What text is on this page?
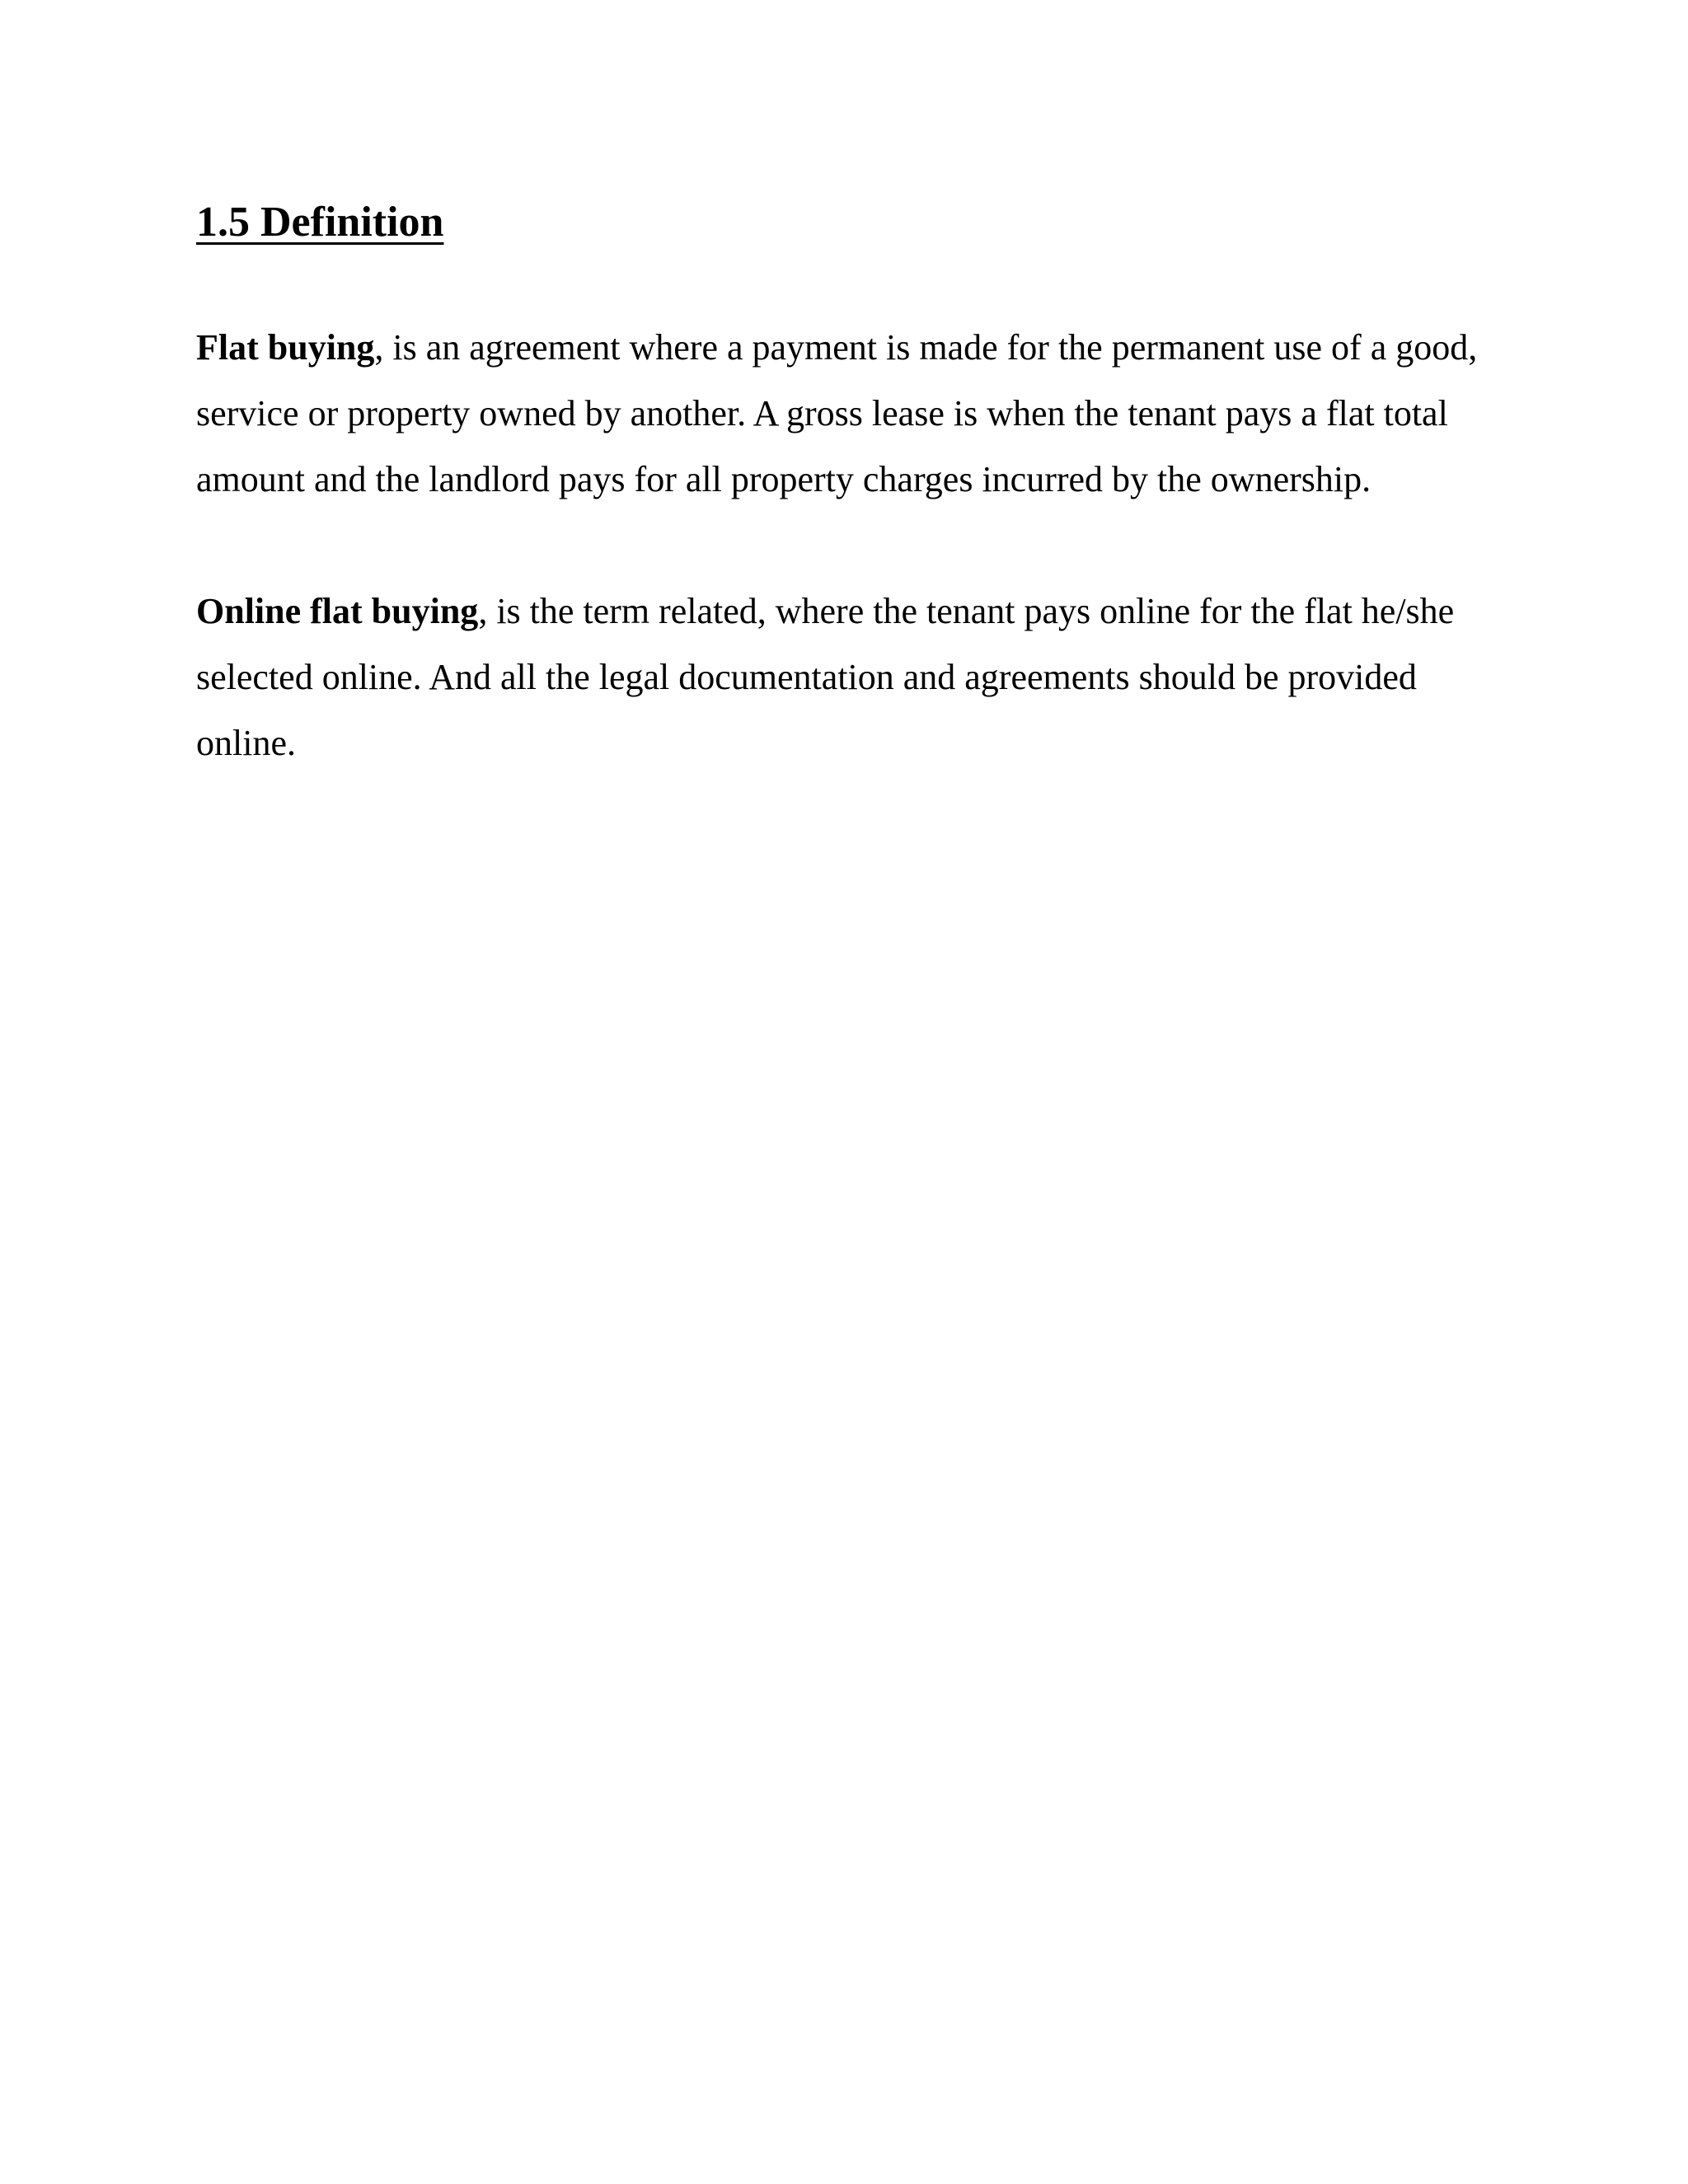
1.5 Definition

Flat buying, is an agreement where a payment is made for the permanent use of a good, service or property owned by another. A gross lease is when the tenant pays a flat total amount and the landlord pays for all property charges incurred by the ownership.

Online flat buying, is the term related, where the tenant pays online for the flat he/she selected online. And all the legal documentation and agreements should be provided online.
